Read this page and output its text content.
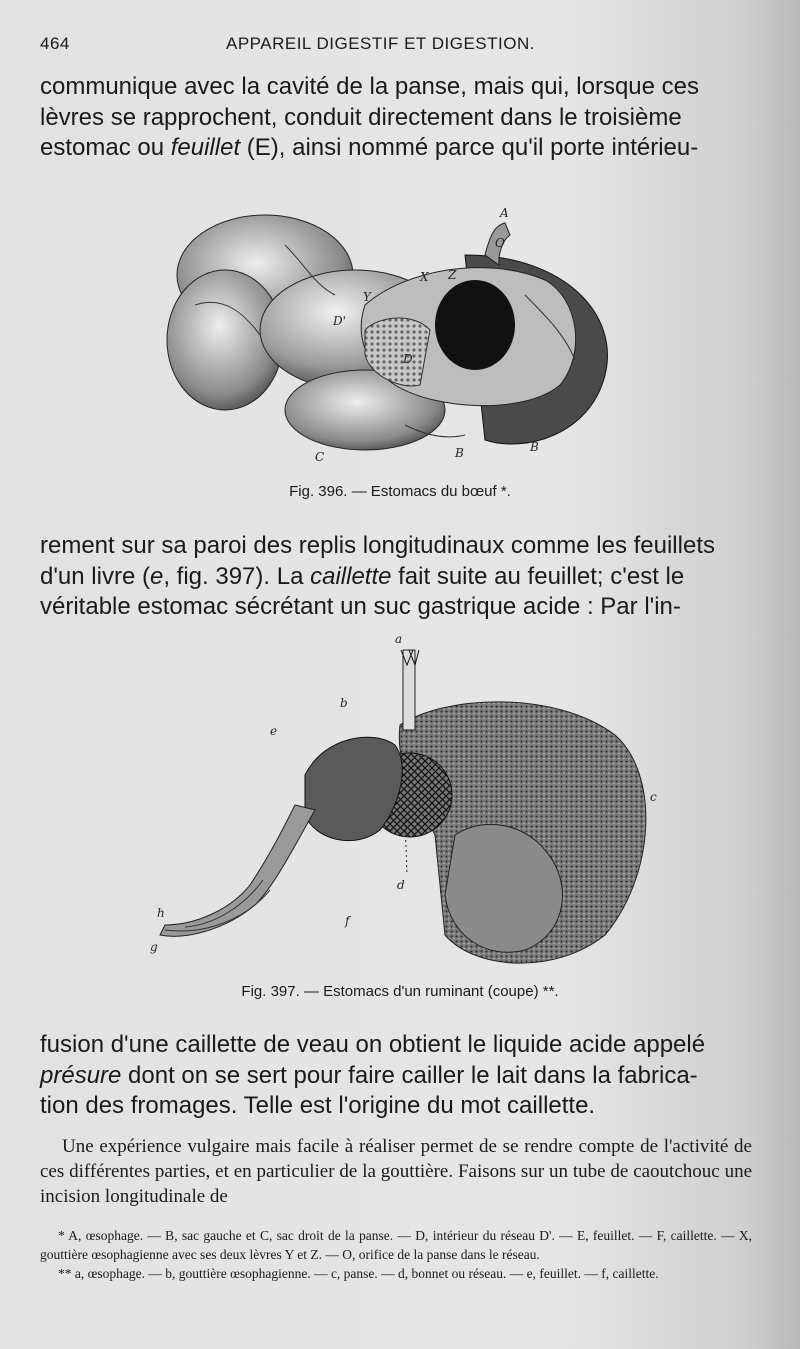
464	APPAREIL DIGESTIF ET DIGESTION.

communique avec la cavité de la panse, mais qui, lorsque ces

lèvres se rapprochent, conduit directement dans le troisième

estomac ou feuillet (E), ainsi nommé parce qu'il porte intérieu-

A
O
Z
X
Y
D'
D
C	B	B
Fig. 396. — Estomacs du bœuf *.

rement sur sa paroi des replis longitudinaux comme les feuillets

d'un livre (e, fig. 397). La caillette fait suite au feuillet; c'est le

véritable estomac sécrétant un suc gastrique acide : Par l'in-

a
b
e
c
d
f
h
g
Fig. 397. — Estomacs d'un ruminant (coupe) **.

fusion d'une caillette de veau on obtient le liquide acide appelé

présure dont on se sert pour faire cailler le lait dans la fabrica-

tion des fromages. Telle est l'origine du mot caillette.

Une expérience vulgaire mais facile à réaliser permet de se rendre compte de l'activité de ces différentes parties, et en particulier de la gouttière. Faisons sur un tube de caoutchouc une incision longitudinale de

* A, œsophage. — B, sac gauche et C, sac droit de la panse. — D, intérieur du réseau D'. — E, feuillet. — F, caillette. — X, gouttière œsophagienne avec ses deux lèvres Y et Z. — O, orifice de la panse dans le réseau.

** a, œsophage. — b, gouttière œsophagienne. — c, panse. — d, bonnet ou réseau. — e, feuillet. — f, caillette.
